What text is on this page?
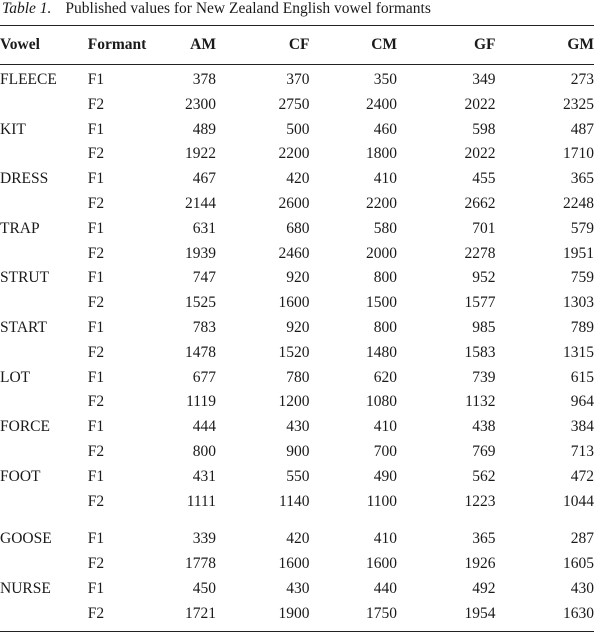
Table 1. Published values for New Zealand English vowel formants
Vowel	Formant	AM	CF	CM	GF	GM
FLEECE	F1	378	370	350	349	273
	F2	2300	2750	2400	2022	2325
KIT	F1	489	500	460	598	487
	F2	1922	2200	1800	2022	1710
DRESS	F1	467	420	410	455	365
	F2	2144	2600	2200	2662	2248
TRAP	F1	631	680	580	701	579
	F2	1939	2460	2000	2278	1951
STRUT	F1	747	920	800	952	759
	F2	1525	1600	1500	1577	1303
START	F1	783	920	800	985	789
	F2	1478	1520	1480	1583	1315
LOT	F1	677	780	620	739	615
	F2	1119	1200	1080	1132	964
FORCE	F1	444	430	410	438	384
	F2	800	900	700	769	713
FOOT	F1	431	550	490	562	472
	F2	1111	1140	1100	1223	1044
GOOSE	F1	339	420	410	365	287
	F2	1778	1600	1600	1926	1605
NURSE	F1	450	430	440	492	430
	F2	1721	1900	1750	1954	1630
